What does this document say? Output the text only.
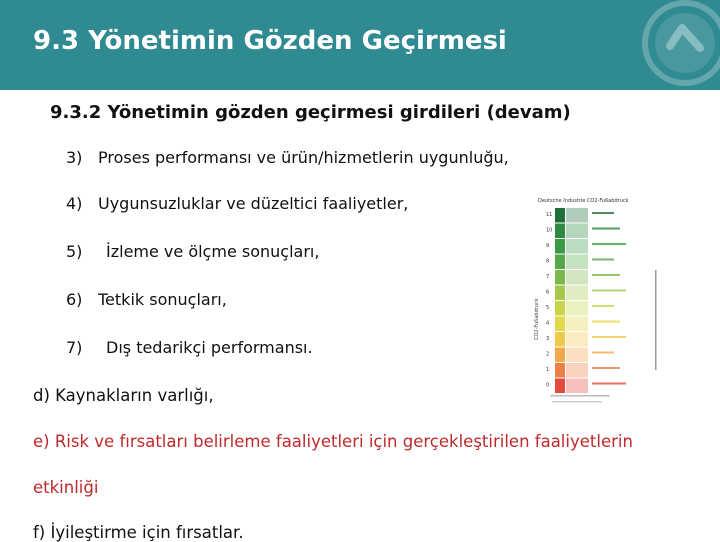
9.3 Yönetimin Gözden Geçirmesi
9.3.2 Yönetimin gözden geçirmesi girdileri (devam)
3) Proses performansı ve ürün/hizmetlerin uygunluğu,
4) Uygunsuzluklar ve düzeltici faaliyetler,
5) İzleme ve ölçme sonuçları,
6) Tetkik sonuçları,
7) Dış tedarikçi performansı.
d) Kaynakların varlığı,
e) Risk ve fırsatları belirleme faaliyetleri için gerçekleştirilen faaliyetlerin
etkinliği
f) İyileştirme için fırsatlar.
Deutsche Industrie CO2-Fußabdruck
11
10
9
8
7
6
5
4
3
2
1
0
CO2-Fußabdruck
